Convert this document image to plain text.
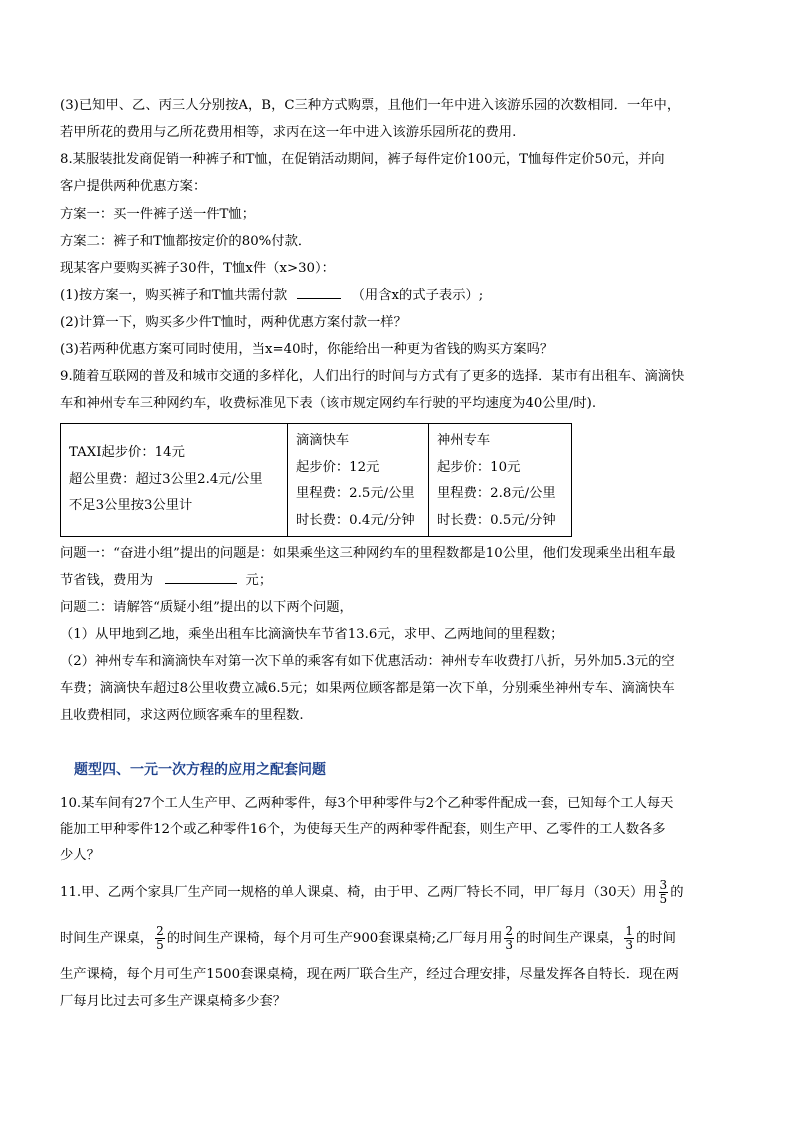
(3)已知甲、乙、丙三人分别按A，B，C三种方式购票，且他们一年中进入该游乐园的次数相同．一年中，
若甲所花的费用与乙所花费用相等，求丙在这一年中进入该游乐园所花的费用.
8.某服装批发商促销一种裤子和T恤，在促销活动期间，裤子每件定价100元，T恤每件定价50元，并向
客户提供两种优惠方案：
方案一：买一件裤子送一件T恤；
方案二：裤子和T恤都按定价的80%付款．
现某客户要购买裤子30件，T恤x件（x>30）：
(1)按方案一，购买裤子和T恤共需付款	（用含x的式子表示）;
(2)计算一下，购买多少件T恤时，两种优惠方案付款一样？
(3)若两种优惠方案可同时使用，当x=40时，你能给出一种更为省钱的购买方案吗？
9.随着互联网的普及和城市交通的多样化，人们出行的时间与方式有了更多的选择．某市有出租车、滴滴快
车和神州专车三种网约车，收费标准见下表（该市规定网约车行驶的平均速度为40公里/时).
TAXI起步价：14元
超公里费：超过3公里2.4元/公里
不足3公里按3公里计

滴滴快车
起步价：12元
里程费：2.5元/公里
时长费：0.4元/分钟

神州专车
起步价：10元
里程费：2.8元/公里
时长费：0.5元/分钟
问题一：“奋进小组”提出的问题是：如果乘坐这三种网约车的里程数都是10公里，他们发现乘坐出租车最
节省钱，费用为	元；
问题二：请解答“质疑小组”提出的以下两个问题，
（1）从甲地到乙地，乘坐出租车比滴滴快车节省13.6元，求甲、乙两地间的里程数；
（2）神州专车和滴滴快车对第一次下单的乘客有如下优惠活动：神州专车收费打八折，另外加5.3元的空
车费；滴滴快车超过8公里收费立减6.5元；如果两位顾客都是第一次下单，分别乘坐神州专车、滴滴快车
且收费相同，求这两位顾客乘车的里程数.
题型四、一元一次方程的应用之配套问题
10.某车间有27个工人生产甲、乙两种零件，每3个甲种零件与2个乙种零件配成一套，已知每个工人每天
能加工甲种零件12个或乙种零件16个，为使每天生产的两种零件配套，则生产甲、乙零件的工人数各多
少人？
11.甲、乙两个家具厂生产同一规格的单人课桌、椅，由于甲、乙两厂特长不同，甲厂每月（30天）用 $\frac{3}{5}$ 的
时间生产课桌， $\frac{2}{5}$ 的时间生产课椅，每个月可生产900套课桌椅;乙厂每月用 $\frac{2}{3}$ 的时间生产课桌， $\frac{1}{3}$ 的时间
生产课椅，每个月可生产1500套课桌椅，现在两厂联合生产，经过合理安排，尽量发挥各自特长．现在两
厂每月比过去可多生产课桌椅多少套？
